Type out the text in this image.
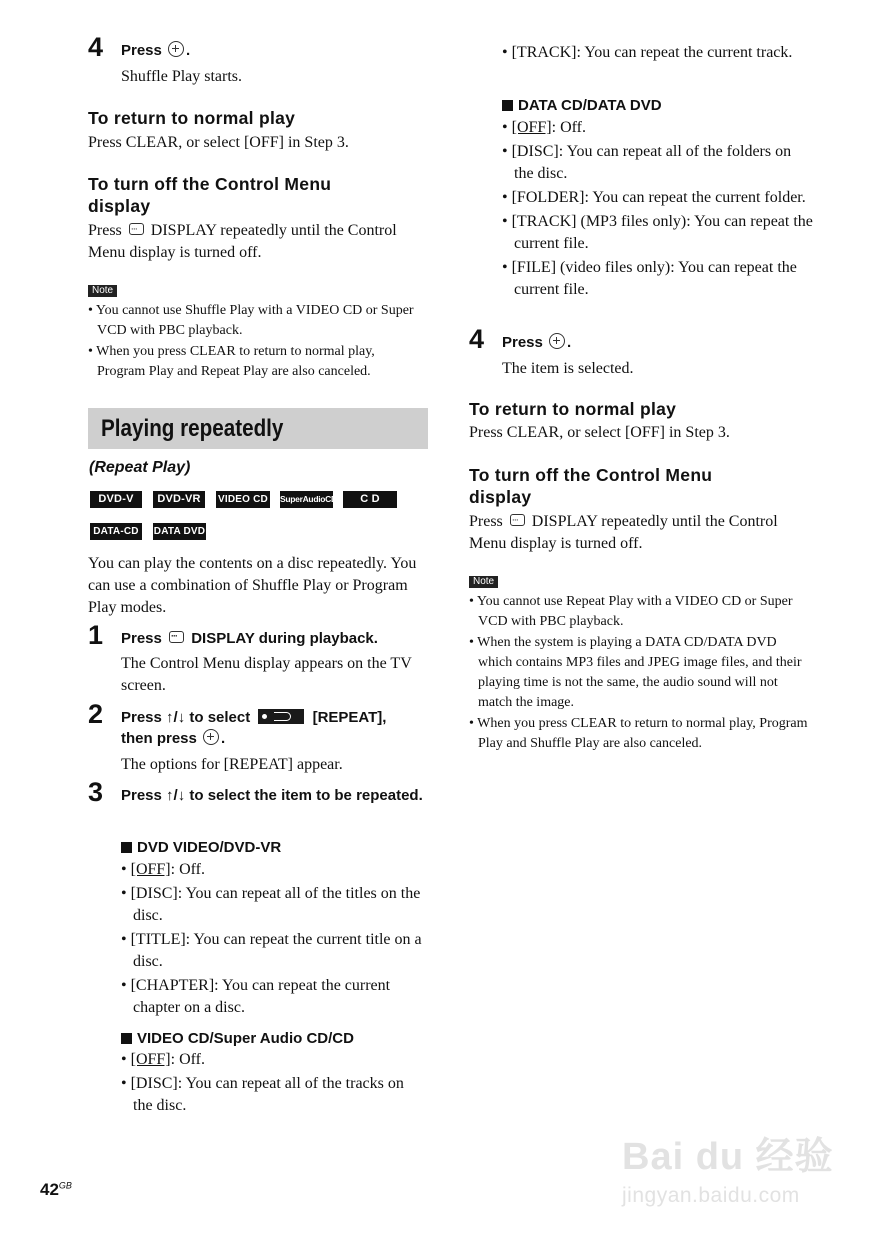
4 Press .
Shuffle Play starts.
To return to normal play
Press CLEAR, or select [OFF] in Step 3.
To turn off the Control Menu
display
Press ··· DISPLAY repeatedly until the Control Menu display is turned off.
Note
• You cannot use Shuffle Play with a VIDEO CD or Super VCD with PBC playback.
• When you press CLEAR to return to normal play, Program Play and Repeat Play are also canceled.
Playing repeatedly
(Repeat Play)
DVD-V	DVD-VR	VIDEO CD SuperAudioCD	C D
DATA-CD	DATA DVD
You can play the contents on a disc repeatedly. You can use a combination of Shuffle Play or Program Play modes.
1 Press ··· DISPLAY during playback.
The Control Menu display appears on the TV screen.
2 Press ↑/↓ to select	[REPEAT],
then press .
The options for [REPEAT] appear.
3 Press ↑/↓ to select the item to be repeated.
DVD VIDEO/DVD-VR
• [OFF]: Off.
• [DISC]: You can repeat all of the titles on the disc.
• [TITLE]: You can repeat the current title on a disc.
• [CHAPTER]: You can repeat the current chapter on a disc.
VIDEO CD/Super Audio CD/CD
• [OFF]: Off.
• [DISC]: You can repeat all of the tracks on the disc.
• [TRACK]: You can repeat the current track.
DATA CD/DATA DVD
• [OFF]: Off.
• [DISC]: You can repeat all of the folders on the disc.
• [FOLDER]: You can repeat the current folder.
• [TRACK] (MP3 files only): You can repeat the current file.
• [FILE] (video files only): You can repeat the current file.
4 Press .
The item is selected.
To return to normal play
Press CLEAR, or select [OFF] in Step 3.
To turn off the Control Menu
display
Press ··· DISPLAY repeatedly until the Control Menu display is turned off.
Note
• You cannot use Repeat Play with a VIDEO CD or Super VCD with PBC playback.
• When the system is playing a DATA CD/DATA DVD which contains MP3 files and JPEG image files, and their playing time is not the same, the audio sound will not match the image.
• When you press CLEAR to return to normal play, Program Play and Shuffle Play are also canceled.
$42^{GB}$
Bai du 经验
jingyan.baidu.com
